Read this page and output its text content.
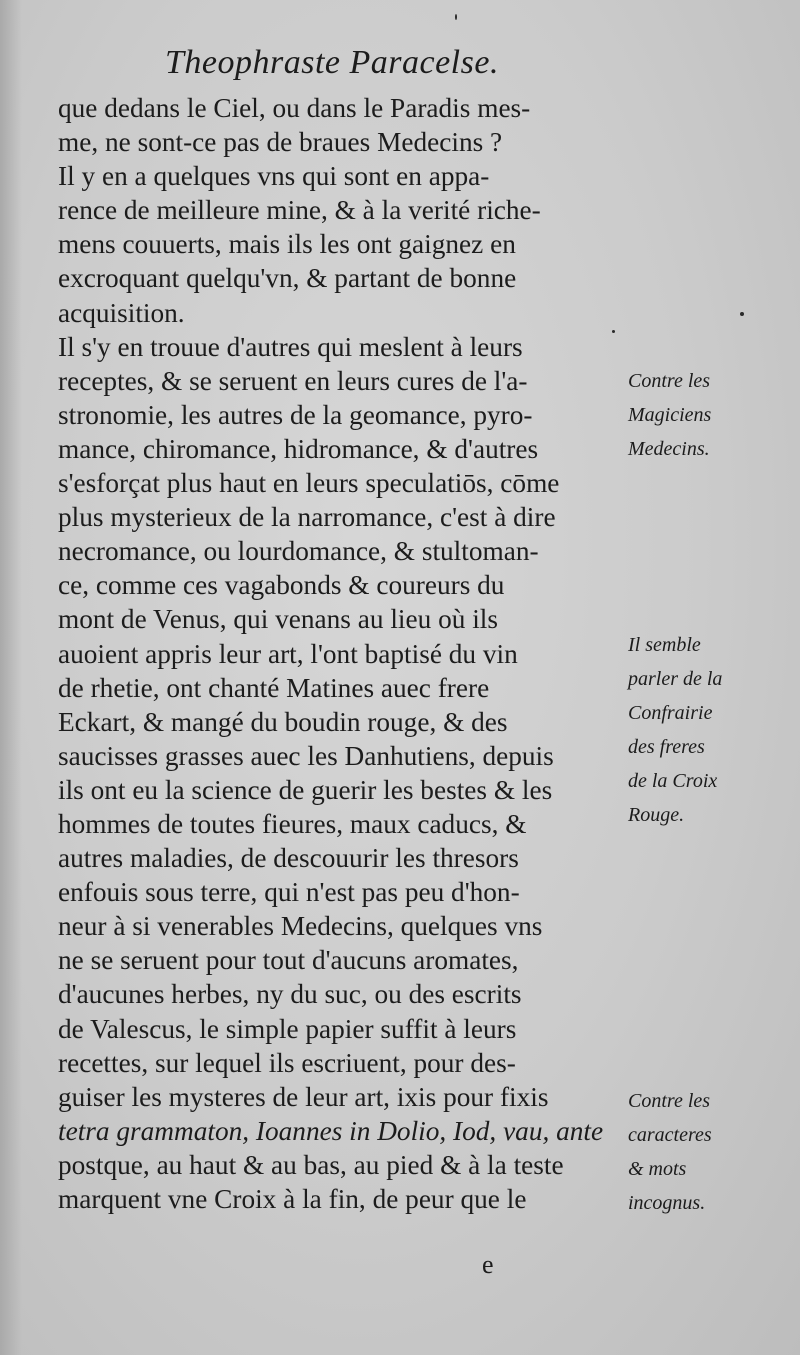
Theophraste Paracelse.
que dedans le Ciel, ou dans le Paradis mes-
me, ne sont-ce pas de braues Medecins ?
Il y en a quelques vns qui sont en appa-
rence de meilleure mine, & à la verité riche-
mens couuerts, mais ils les ont gaignez en
excroquant quelqu'vn, & partant de bonne
acquisition.
Il s'y en trouue d'autres qui meslent à leurs
receptes, & se seruent en leurs cures de l'a-
stronomie, les autres de la geomance, pyro-
mance, chiromance, hidromance, & d'autres
s'esforçat plus haut en leurs speculatiōs, cōme
plus mysterieux de la narromance, c'est à dire
necromance, ou lourdomance, & stultoman-
ce, comme ces vagabonds & coureurs du
mont de Venus, qui venans au lieu où ils
auoient appris leur art, l'ont baptisé du vin
de rhetie, ont chanté Matines auec frere
Eckart, & mangé du boudin rouge, & des
saucisses grasses auec les Danhutiens, depuis
ils ont eu la science de guerir les bestes & les
hommes de toutes fieures, maux caducs, &
autres maladies, de descouurir les thresors
enfouis sous terre, qui n'est pas peu d'hon-
neur à si venerables Medecins, quelques vns
ne se seruent pour tout d'aucuns aromates,
d'aucunes herbes, ny du suc, ou des escrits
de Valescus, le simple papier suffit à leurs
recettes, sur lequel ils escriuent, pour des-
guiser les mysteres de leur art, ixis pour fixis
tetra grammaton, Ioannes in Dolio, Iod, vau, ante
postque, au haut & au bas, au pied & à la teste
marquent vne Croix à la fin, de peur que le
Contre les
Magiciens
Medecins.
Il semble
parler de la
Confrairie
des freres
de la Croix
Rouge.
Contre les
caracteres
& mots
incognus.
e
